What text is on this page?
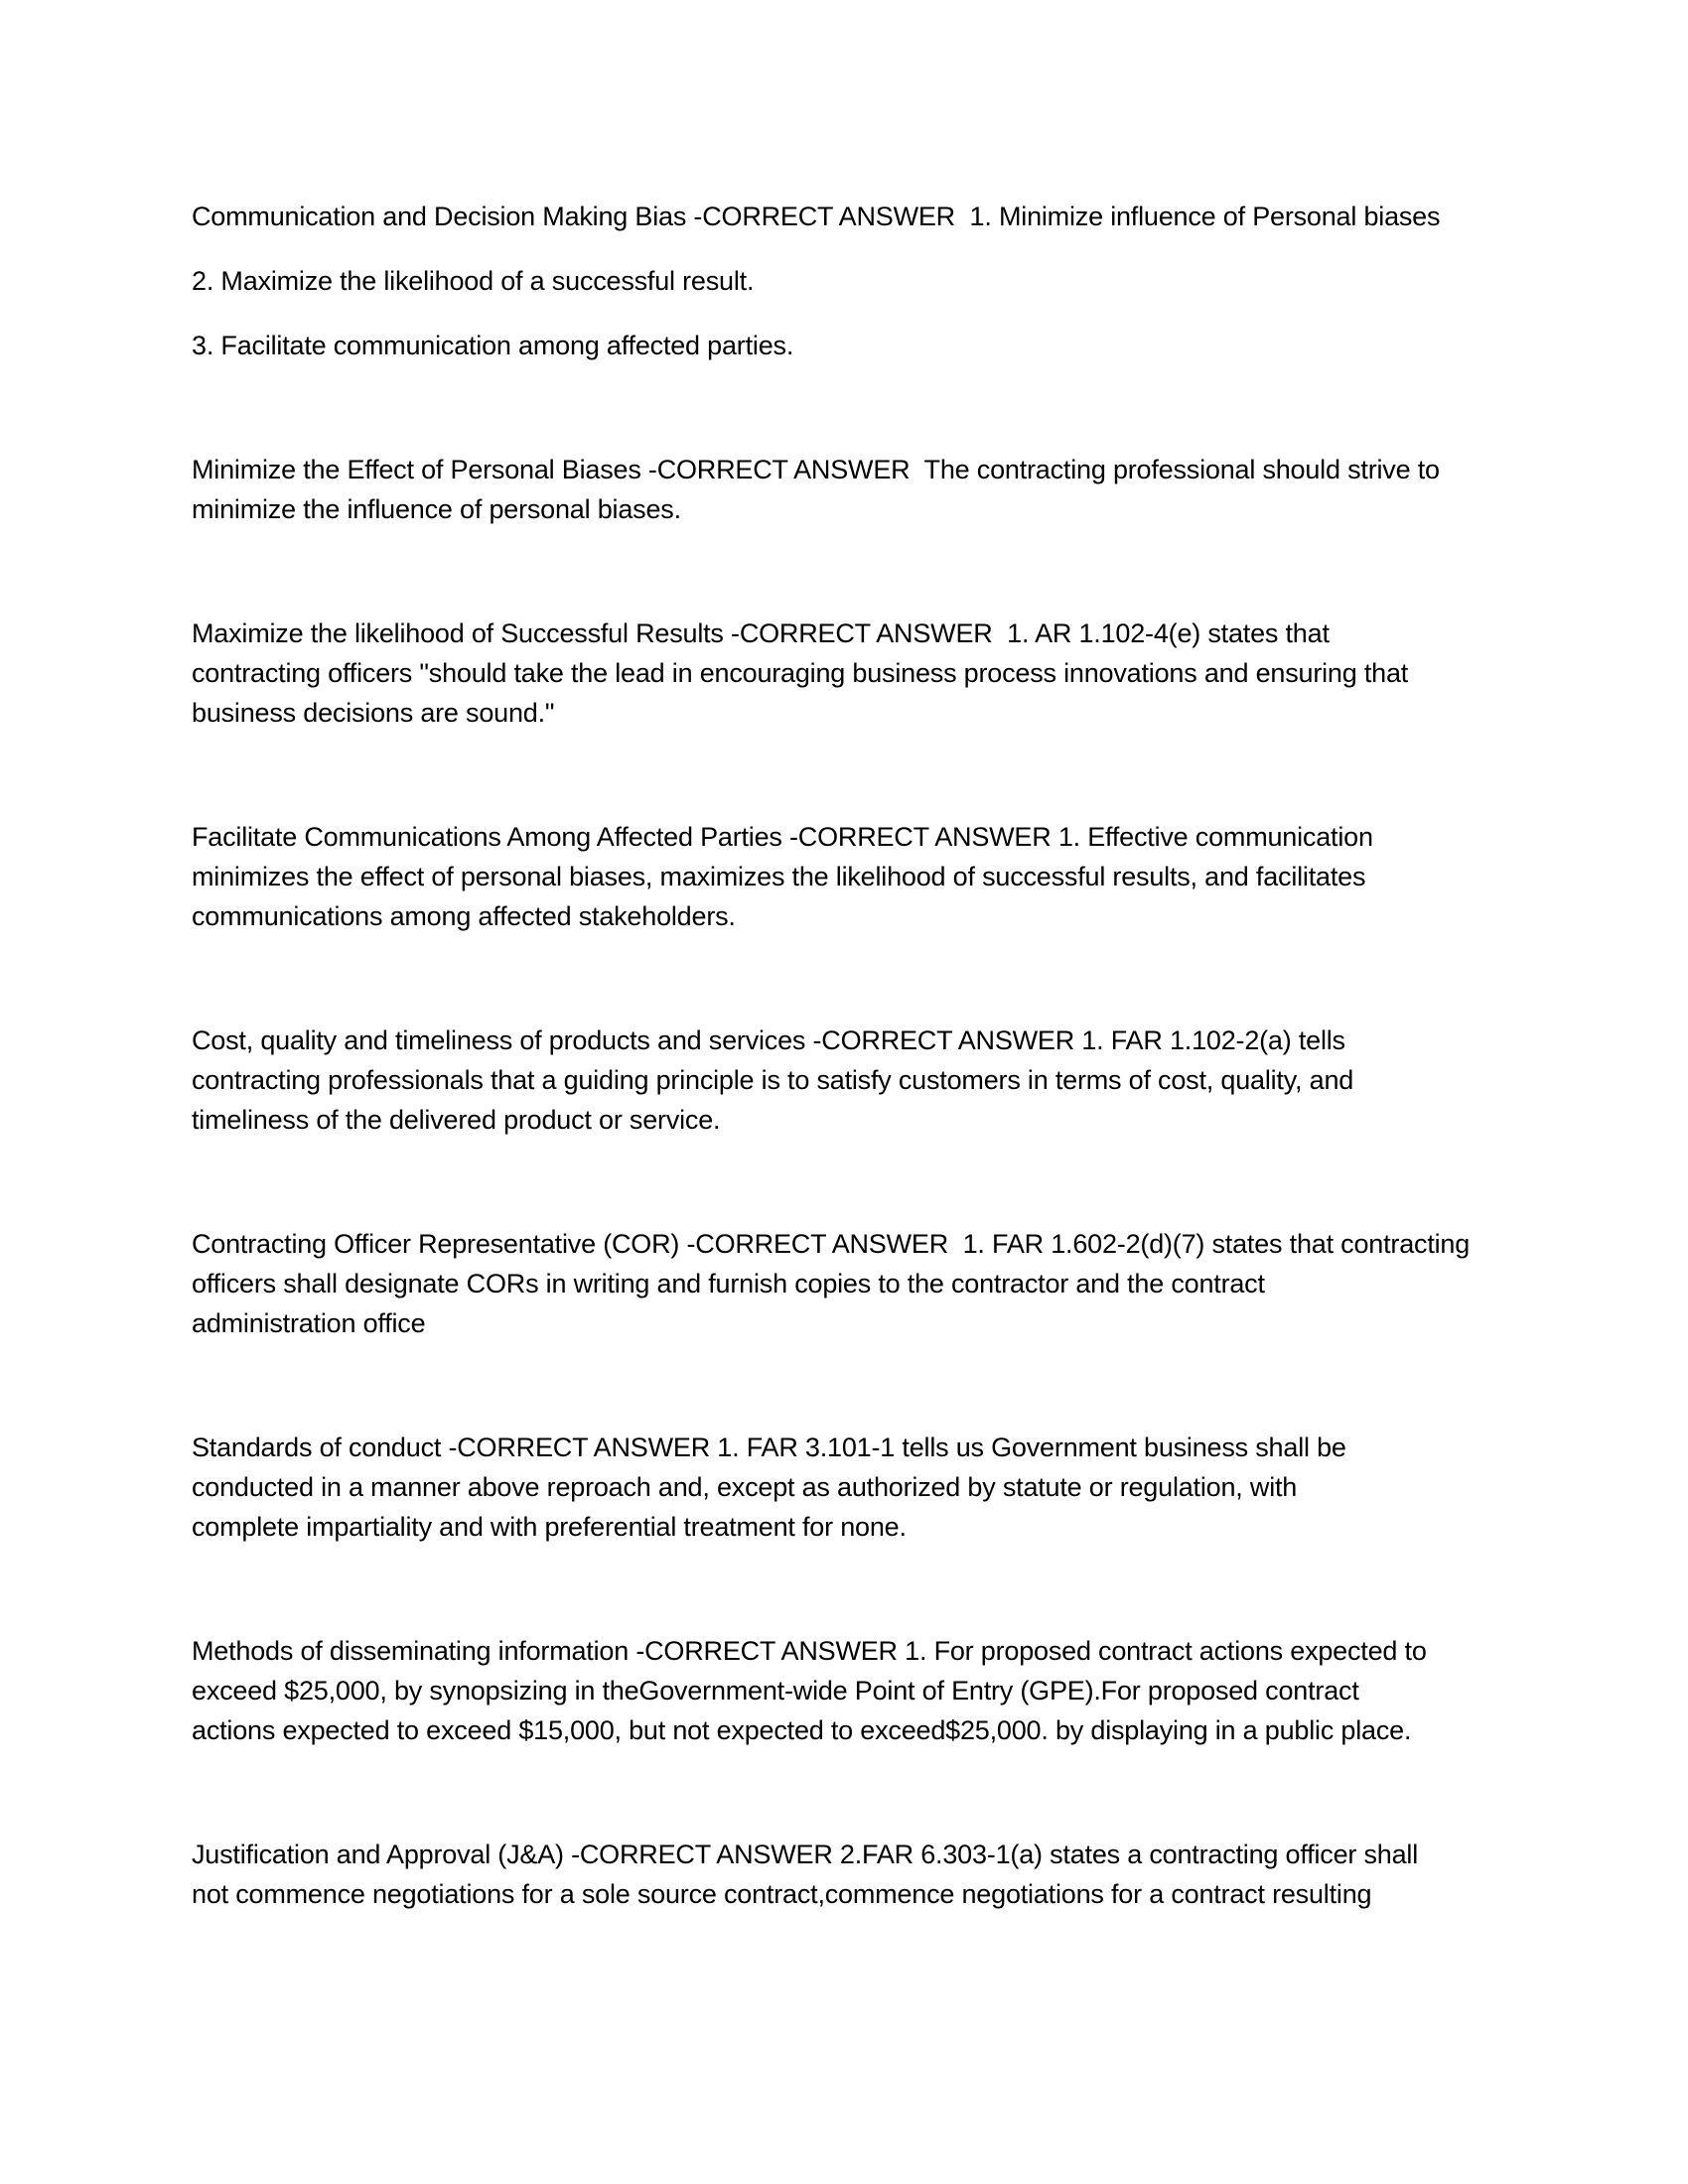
Communication and Decision Making Bias -CORRECT ANSWER  1. Minimize influence of Personal biases

2. Maximize the likelihood of a successful result.

3. Facilitate communication among affected parties.

Minimize the Effect of Personal Biases -CORRECT ANSWER  The contracting professional should strive to
minimize the influence of personal biases.

Maximize the likelihood of Successful Results -CORRECT ANSWER  1. AR 1.102-4(e) states that
contracting officers "should take the lead in encouraging business process innovations and ensuring that
business decisions are sound."

Facilitate Communications Among Affected Parties -CORRECT ANSWER 1. Effective communication
minimizes the effect of personal biases, maximizes the likelihood of successful results, and facilitates
communications among affected stakeholders.

Cost, quality and timeliness of products and services -CORRECT ANSWER 1. FAR 1.102-2(a) tells
contracting professionals that a guiding principle is to satisfy customers in terms of cost, quality, and
timeliness of the delivered product or service.

Contracting Officer Representative (COR) -CORRECT ANSWER  1. FAR 1.602-2(d)(7) states that contracting
officers shall designate CORs in writing and furnish copies to the contractor and the contract
administration office

Standards of conduct -CORRECT ANSWER 1. FAR 3.101-1 tells us Government business shall be
conducted in a manner above reproach and, except as authorized by statute or regulation, with
complete impartiality and with preferential treatment for none.

Methods of disseminating information -CORRECT ANSWER 1. For proposed contract actions expected to
exceed $25,000, by synopsizing in theGovernment-wide Point of Entry (GPE).For proposed contract
actions expected to exceed $15,000, but not expected to exceed$25,000. by displaying in a public place.

Justification and Approval (J&A) -CORRECT ANSWER 2.FAR 6.303-1(a) states a contracting officer shall
not commence negotiations for a sole source contract,commence negotiations for a contract resulting
